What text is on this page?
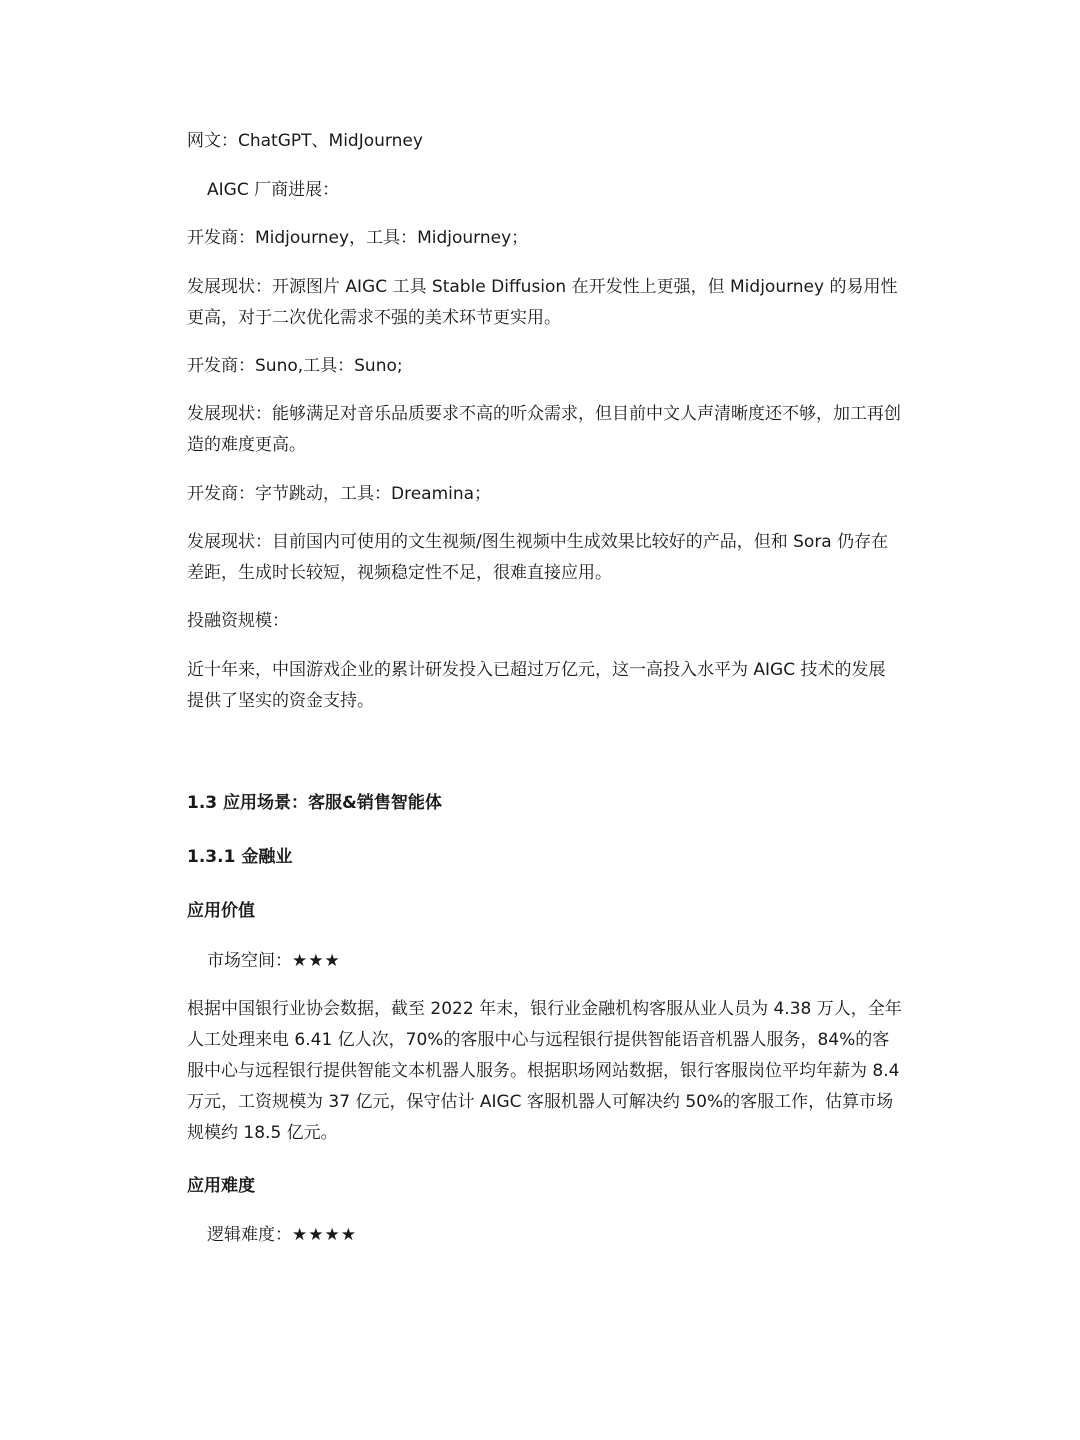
网文：ChatGPT、MidJourney
AIGC 厂商进展：
开发商：Midjourney，工具：Midjourney；
发展现状：开源图片 AIGC 工具 Stable Diffusion 在开发性上更强，但 Midjourney 的易用性更高，对于二次优化需求不强的美术环节更实用。
开发商：Suno,工具：Suno;
发展现状：能够满足对音乐品质要求不高的听众需求，但目前中文人声清晰度还不够，加工再创造的难度更高。
开发商：字节跳动，工具：Dreamina；
发展现状：目前国内可使用的文生视频/图生视频中生成效果比较好的产品，但和 Sora 仍存在差距，生成时长较短，视频稳定性不足，很难直接应用。
投融资规模：
近十年来，中国游戏企业的累计研发投入已超过万亿元，这一高投入水平为 AIGC 技术的发展提供了坚实的资金支持。
1.3 应用场景：客服&销售智能体
1.3.1 金融业
应用价值
市场空间：★★★
根据中国银行业协会数据，截至 2022 年末，银行业金融机构客服从业人员为 4.38 万人，全年人工处理来电 6.41 亿人次，70%的客服中心与远程银行提供智能语音机器人服务，84%的客服中心与远程银行提供智能文本机器人服务。根据职场网站数据，银行客服岗位平均年薪为 8.4 万元，工资规模为 37 亿元，保守估计 AIGC 客服机器人可解决约 50%的客服工作，估算市场规模约 18.5 亿元。
应用难度
逻辑难度：★★★★
